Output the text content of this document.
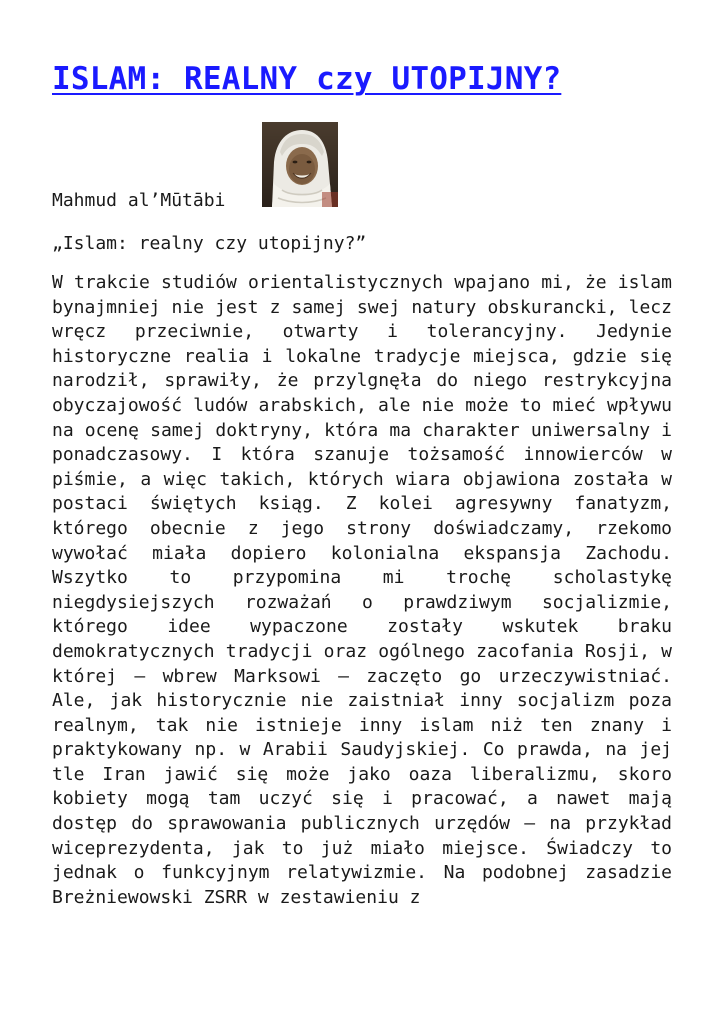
ISLAM: REALNY czy UTOPIJNY?
Mahmud al’Mūtābi
„Islam: realny czy utopijny?”

W trakcie studiów orientalistycznych wpajano mi, że islam bynajmniej nie jest z samej swej natury obskurancki, lecz wręcz przeciwnie, otwarty i tolerancyjny. Jedynie historyczne realia i lokalne tradycje miejsca, gdzie się narodził, sprawiły, że przylgnęła do niego restrykcyjna obyczajowość ludów arabskich, ale nie może to mieć wpływu na ocenę samej doktryny, która ma charakter uniwersalny i ponadczasowy. I która szanuje tożsamość innowierców w piśmie, a więc takich, których wiara objawiona została w postaci świętych ksiąg. Z kolei agresywny fanatyzm, którego obecnie z jego strony doświadczamy, rzekomo wywołać miała dopiero kolonialna ekspansja Zachodu. Wszytko to przypomina mi trochę scholastykę niegdysiejszych rozważań o prawdziwym socjalizmie, którego idee wypaczone zostały wskutek braku demokratycznych tradycji oraz ogólnego zacofania Rosji, w której – wbrew Marksowi – zaczęto go urzeczywistniać. Ale, jak historycznie nie zaistniał inny socjalizm poza realnym, tak nie istnieje inny islam niż ten znany i praktykowany np. w Arabii Saudyjskiej. Co prawda, na jej tle Iran jawić się może jako oaza liberalizmu, skoro kobiety mogą tam uczyć się i pracować, a nawet mają dostęp do sprawowania publicznych urzędów – na przykład wiceprezydenta, jak to już miało miejsce. Świadczy to jednak o funkcyjnym relatywizmie. Na podobnej zasadzie Breżniewowski ZSRR w zestawieniu z
